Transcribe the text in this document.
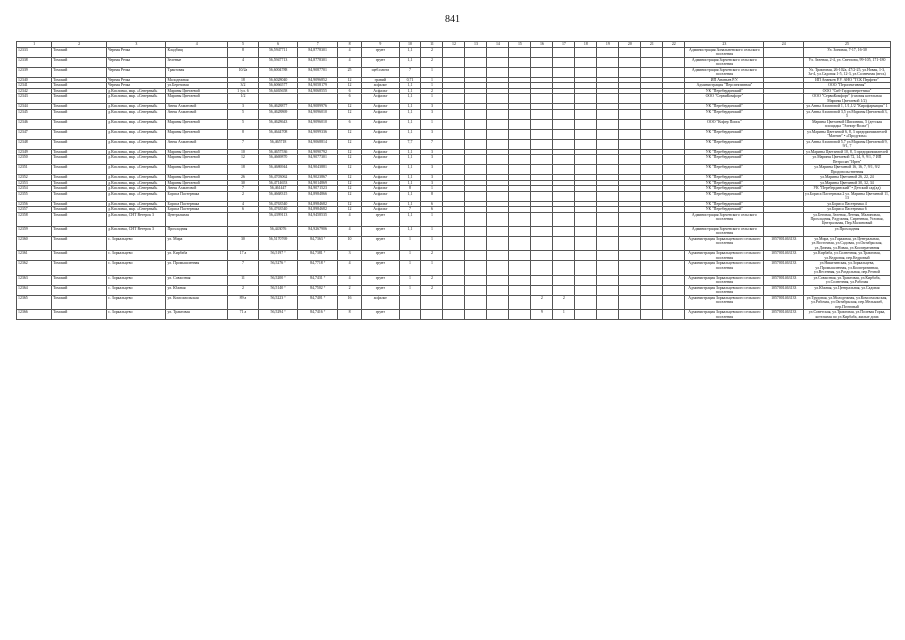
841
1	2	3	4	5	6	7	8	9	10	11	12	13	14	15	16	17	18	19	20	21	22	23	24	25
12333	Томский	Черная Речка	Кладбищ	8	56,5947711	84,8778301	4	грунт	1,1	2												Администрация Зональненского сельского поселения		Ул. Зоновая, 7-17, 16-30
12338	Томский	Черная Речка	Зеленые	4	56,5947713	84,8778301	4	грунт	1,1	2												Администрация Зорченского сельского поселения		Ул. Зеленая, 2-4, ул. Светлова, 99-105, 171-180
12339	Томский	Черная Речка	Трактовая	10/2а	56,6004788	84,9087701	25	щеб.плита	7	1												Администрация Зорченского сельского поселения		Ул. Трактовая, 26-102а, 47/2-25, ул.Новая, 1-3, 3а-4, ул.Садовая 1-5, 12-3, ул.Солнечная (весь)
12340	Томский	Черная Речка	Молодежная	18	56,6028040	84,9096852	12	гравий	0,71	1												ИП Ананьев Р.У.		ИП Ананьев Р.У. АНО "ТСК Перфект"
12341	Томский	Черная Речка	ул.Березовая	3/2	56,6066577	84,9058179	12	асфальт	1,1	1												Администрация "Перспективная"		ООО "Перспективная"
12342	Томский	д.Кисловка, мкр. «Северный»	Марины Цветаевой	1 /ул. 6	56,6465658	84,9068555	6	Асфальт	1,1	2												УК "Перебердинский"		ООО "Сиб-Гидроэнергетика"
12343	Томский	д.Кисловка, мкр. «Северный»	Марины Цветаевой	1/2			6	Асфальт	1,1	1												ООО "СервиКомфорт"		ООО "СервиКомфорт" (газовая котельная Марины Цветаевой 1/2)
12344	Томский	д.Кисловка, мкр. «Северный»	Анны Ахматовой	3	56,4628877	84,9089976	12	Асфальт	1,1	3												УК "Перебердинский"		ул.Анны Ахматовой 1, 1/1,1/2 "Кирофармация" 1
12345	Томский	д.Кисловка, мкр. «Северный»	Анны Ахматовой	5	56,4628869	84,9096010	12	Асфальт	1,1	3												УК "Перебердинский"		ул.Анны Ахматовой 3,5 ул.Марины Цветаевой 3, 5
12346	Томский	д.Кисловка, мкр. «Северный»	Марины Цветаевой	5	56,4628643	84,9096010	6	Асфальт	1,1	1												ООО "Кофер Поиск"		Марины Цветаевой Шиповник, 5 (детская площадка "Электр-Вольт")
12347	Томский	д.Кисловка, мкр. «Северный»	Марины Цветаевой	8	56,4644708	84,9099336	12	Асфальт	1,1	3												УК "Перебердинский"		ул.Марины Цветаевой 6, 8, 3 предпринимателей "Магнит" • «Продукты»
12348	Томский	д.Кисловка, мкр. «Северный»	Анны Ахматовой	7	56,465718	84,9068814	12	Асфальт	7,7	7												УК "Перебердинский"		ул.Анны Ахматовой 5,7 ул.Марины Цветаевой 9, 9/1, 7
12349	Томский	д.Кисловка, мкр. «Северный»	Марины Цветаевой	10	56,4657536	84,9090792	12	Асфальт	1,1	3												УК "Перебердинский"		ул.Марины Цветаевой 10, 8, 3 предпринимателей
12350	Томский	д.Кисловка, мкр. «Северный»	Марины Цветаевой	12	56,4669870	84,9077301	12	Асфальт	1,1	3												УК "Перебердинский"		ул.Марины Цветаевой 72, 14, 9, 9/1, 7 ИП Петросян "Ирен"
12351	Томский	д.Кисловка, мкр. «Северный»	Марины Цветаевой	18	56,4686944	84,9043881	12	Асфальт	1,1	3												УК "Перебердинский"		ул.Марины Цветаевой 16, 16, 7, 9/1, 9/2 Продовольственная
12352	Томский	д.Кисловка, мкр. «Северный»	Марины Цветаевой	26	56,4703062	84,9023867	12	Асфальт	1,1	3												УК "Перебердинский"		ул.Марины Цветаевой 26, 22, 24
12353	Томский	д.Кисловка, мкр. «Северный»	Марины Цветаевой	30	56,4714653	84,9014869	12	Асфальт	1,1	3												УК "Перебердинский"		ул.Марины Цветаевой 30, 32, 34
12354	Томский	д.Кисловка, мкр. «Северный»	Анны Ахматовой	7	56,461447	84,9071523	12	Асфальт	8	1												УК "Перебердинский"		УК "Перебердинский" • Детский сад(ад)
12355	Томский	д.Кисловка, мкр. «Северный»	Бориса Пастернака	2	56,4668315	84,8984866	12	Асфальт	1,1	8												УК "Перебердинский"		ул.Бориса Пастернака 2 ул. Марины Цветаевой 11, 13
12356	Томский	д.Кисловка, мкр. «Северный»	Бориса Пастернака	4	56,4763540	84,8984682	12	Асфальт	1,1	6												УК "Перебердинский"		ул.Бориса Пастернака 4
12357	Томский	д.Кисловка, мкр. «Северный»	Бориса Пастернака	6	56,4763540	84,8984682	12	Асфальт	7	6												УК "Перебердинский"		ул.Бориса Пастернака 6
12358	Томский	д.Кисловка, СНТ Ветерок 3	Центральная		56,4399113	84,9458535	4	грунт	1,1	1												Администрация Зорченского сельского поселения		ул.Беговая, Зеленая, Летняя, Малиновая, Прохладная, Радужная, Сиреневая, Угловая, Центральная, Пер.Малиновый
12359	Томский	д.Кисловка, СНТ Ветерок 3	Прохладная		56,443076	84,9267906	4	грунт	1,1	1												Администрация Зорченского сельского поселения		ул.Прохладная
12360	Томский	с. Зоркальцево	ул. Мира	30	56,5170769	84,7363 °	10	грунт	1	1												Администрация Зоркальцевского сельского поселения	1057001463133	ул.Мира, ул.Гаражная, ул.Центральная, ул.Восточная, ул.Садовая, ул.Октябрьская, ул.Дачная, ул.Новая, ул.Кооперативная
12361	Томский	с. Зоркальцево	ул. Кирбаба	17 а	56,5197 °	84,7381 °	3	грунт	1	2												Администрация Зоркальцевского сельского поселения	1057001463133	ул.Кирбаба, ул.Солнечная, ул.Трактовая, ул.Кедровая, пер.Кедровый
12362	Томский	с. Зоркальцево	ул. Промышленная	7	56,5276 °	84,7718 °	4	грунт	1	1												Администрация Зоркальцевского сельского поселения	1057001463133	ул.Никитинская, ул.Зоркальцева, ул.Промышленная, ул.Кооперативная, ул.Весенняя, ул.Раздольная, пер.Речной
12363	Томский	с. Зоркальцево	ул. Совхозная	11	56,5200 °	84,7431 °	4	грунт	1	2												Администрация Зоркальцевского сельского поселения	1057001463133	ул.Совхозная, ул.Трактовая, ул.Кирбаба, ул.Солнечная, ул.Рабочая
12364	Томский	с. Зоркальцево	ул. Южная	2	56,5140 °	84,7502 °	2	грунт	1	2												Администрация Зоркальцевского сельского поселения	1057001463133	ул.Южная, ул.Центральная, ул.Садовая
12365	Томский	с. Зоркальцево	ул. Комсомольская	89 а	56,5223 °	84,7401 °	16	асфальт							2	2						Администрация Зоркальцевского сельского поселения	1057001463133	ул.Трудовая, ул.Молодежная, ул.Комсомольская, ул.Рабочая, ул.Октябрьская, пер.Мелькомб, пер.Почтовый
12366	Томский	с. Зоркальцево	ул. Трактовая	71 а	56,5294 °	84,7416 °	8	грунт							9	1						Администрация Зоркальцевского сельского поселения	1057001463133	ул.Советская, ул.Трактовая, ул.Полевая Горка, котельная по ул.Кирбаба, жилые дома
